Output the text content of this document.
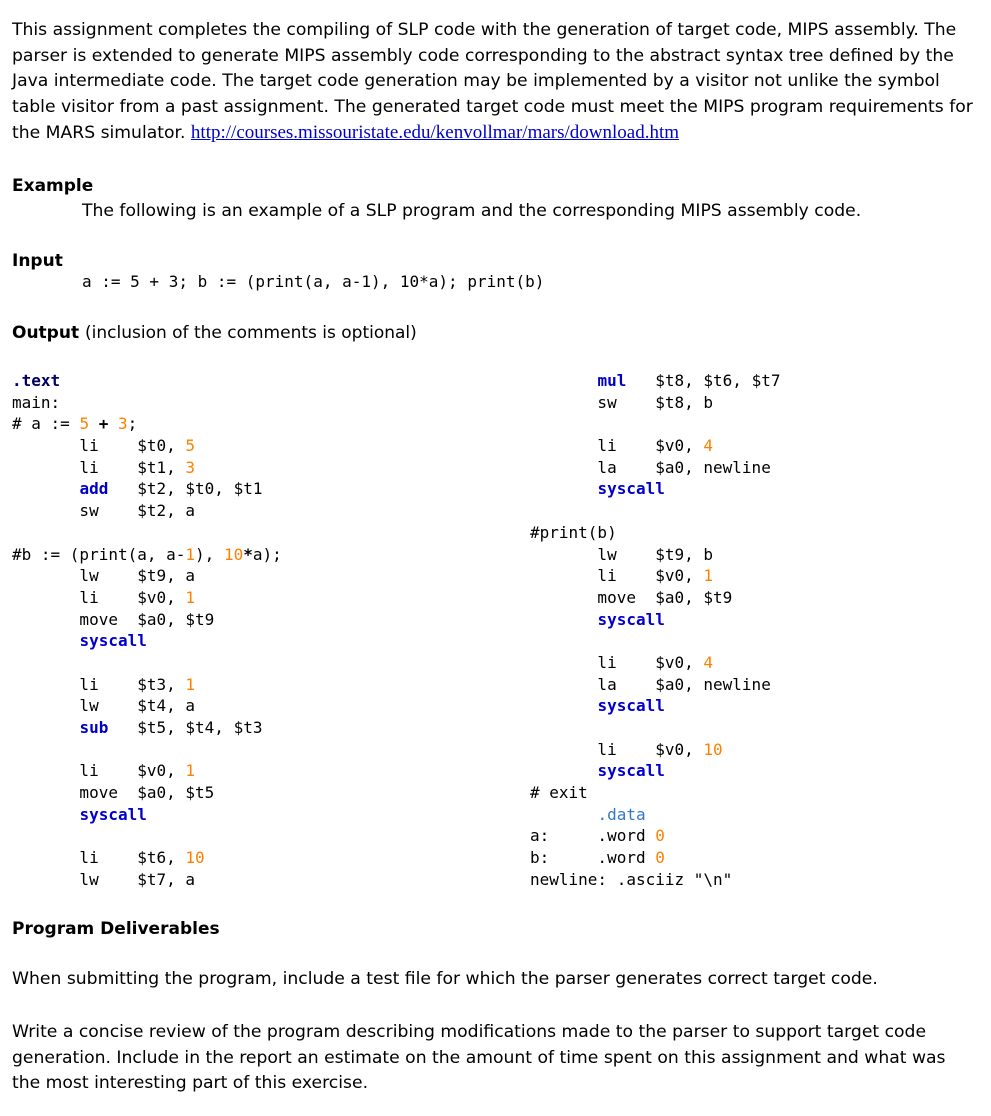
This assignment completes the compiling of SLP code with the generation of target code, MIPS assembly. The parser is extended to generate MIPS assembly code corresponding to the abstract syntax tree defined by the Java intermediate code. The target code generation may be implemented by a visitor not unlike the symbol table visitor from a past assignment. The generated target code must meet the MIPS program requirements for the MARS simulator. http://courses.missouristate.edu/kenvollmar/mars/download.htm
Example
The following is an example of a SLP program and the corresponding MIPS assembly code.
Input
a := 5 + 3; b := (print(a, a-1), 10*a); print(b)
Output (inclusion of the comments is optional)
.text
main:
# a := 5 + 3;
li    $t0, 5
li    $t1, 3
add   $t2, $t0, $t1
sw    $t2, a
#b := (print(a, a-1), 10*a);
lw    $t9, a
li    $v0, 1
move  $a0, $t9
syscall
li    $t3, 1
lw    $t4, a
sub   $t5, $t4, $t3
li    $v0, 1
move  $a0, $t5
syscall
li    $t6, 10
lw    $t7, a
mul   $t8, $t6, $t7
sw    $t8, b
li    $v0, 4
la    $a0, newline
syscall
#print(b)
lw    $t9, b
li    $v0, 1
move  $a0, $t9
syscall
li    $v0, 4
la    $a0, newline
syscall
li    $v0, 10
syscall
# exit
.data
a:     .word 0
b:     .word 0
newline: .asciiz "\n"
Program Deliverables
When submitting the program, include a test file for which the parser generates correct target code.
Write a concise review of the program describing modifications made to the parser to support target code generation. Include in the report an estimate on the amount of time spent on this assignment and what was the most interesting part of this exercise.
